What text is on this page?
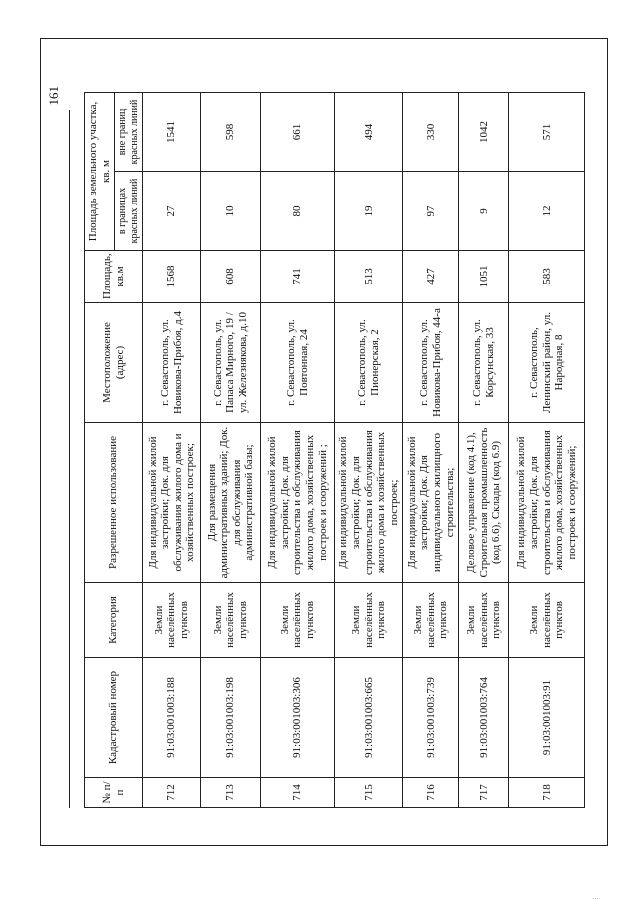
161
№ п/п	Кадастровый номер	Категория	Разрешенное использование	Местоположение (адрес)	Площадь, кв.м	Площадь земельного участка, кв. м	
						в границах красных линий	вне границ красных линий
712	91:03:001003:188	Земли населённых пунктов	Для индивидуальной жилой застройки; Док. для обслуживания жилого дома и хозяйственных построек;	г. Севастополь, ул. Новикова-Прибоя, д.4	1568	27	1541
713	91:03:001003:198	Земли населённых пунктов	Для размещения административных зданий; Док. для обслуживания административной базы;	г. Севастополь, ул. Папаса Мирного, 19 / ул. Железнякова, д.10	608	10	598
714	91:03:001003:306	Земли населённых пунктов	Для индивидуальной жилой застройки; Док. для строительства и обслуживания жилого дома, хозяйственных построек и сооружений ;	г. Севастополь, ул. Повтонная, 24	741	80	661
715	91:03:001003:665	Земли населённых пунктов	Для индивидуальной жилой застройки; Док. для строительства и обслуживания жилого дома и хозяйственных построек;	г. Севастополь, ул. Пионерская, 2	513	19	494
716	91:03:001003:739	Земли населённых пунктов	Для индивидуальной жилой застройки; Док. Для индивидуального жилищного строительства;	г. Севастополь, ул. Новикова-Прибоя, 44-а	427	97	330
717	91:03:001003:764	Земли населённых пунктов	Деловое управление (код 4.1), Строительная промышленность (код 6.6), Склады (код 6.9)	г. Севастополь, ул. Корсунская, 33	1051	9	1042
718	91:03:001003:91	Земли населённых пунктов	Для индивидуальной жилой застройки; Док. для строительства и обслуживания жилого дома, хозяйственных построек и сооружений;	г. Севастополь, Ленинский район, ул. Народная, 8	583	12	571
....
